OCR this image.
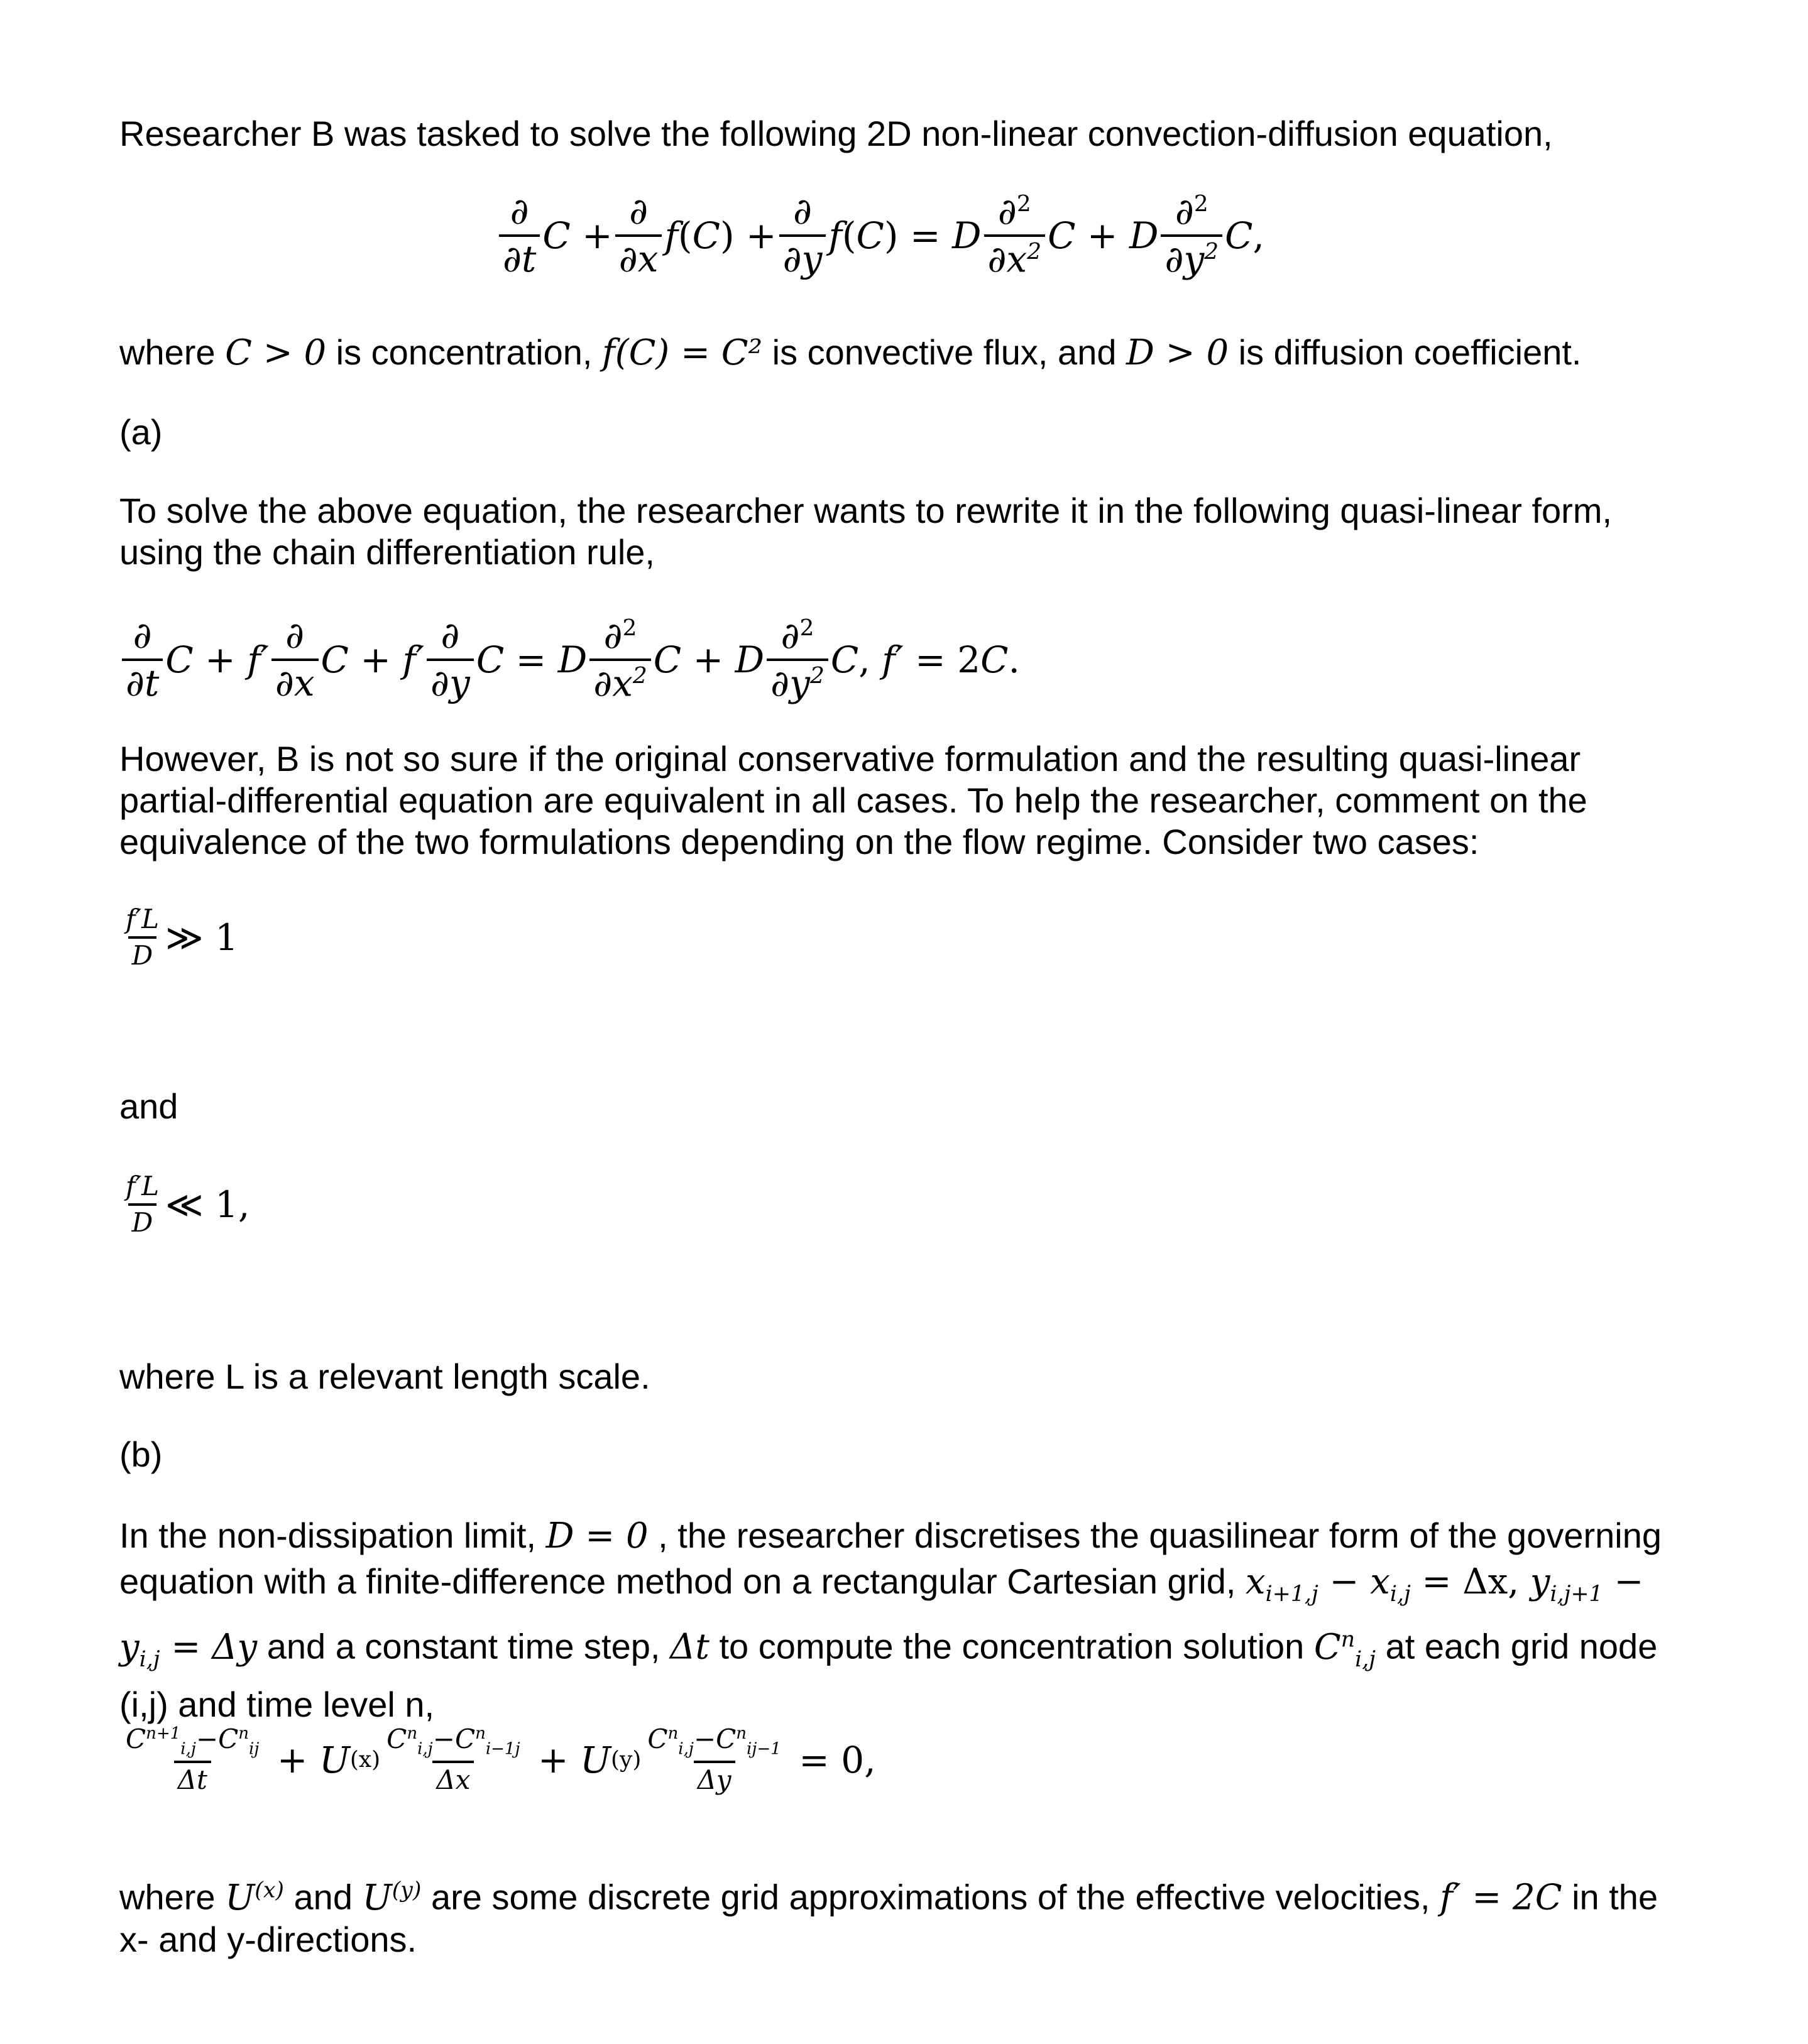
Researcher B was tasked to solve the following 2D non-linear convection-diffusion equation,

$\frac{\partial}{\partial t}$ $C + \frac{\partial}{\partial x}$ f ( C ) + $\frac{\partial}{\partial y}$ f ( C ) = D $\frac{\partial^2}{\partial x^2}$ C + D $\frac{\partial^2}{\partial y^2}$ C ,

where C > 0 is concentration, f(C) = C² is convective flux, and D > 0 is diffusion coefficient.

(a)

To solve the above equation, the researcher wants to rewrite it in the following quasi-linear form, using the chain differentiation rule,

$\frac{\partial}{\partial t}$ $C + f' \frac{\partial}{\partial x}$ $C + f' \frac{\partial}{\partial y}$ C = D $\frac{\partial^2}{\partial x^2}$ C + D $\frac{\partial^2}{\partial y^2}$ C , f′ = 2 C .

However, B is not so sure if the original conservative formulation and the resulting quasi-linear partial-differential equation are equivalent in all cases. To help the researcher, comment on the equivalence of the two formulations depending on the flow regime. Consider two cases:

$\frac{f'L}{D}$ ≫ 1

and

$\frac{f'L}{D}$ ≪ 1,

where L is a relevant length scale.

(b)

In the non-dissipation limit, D = 0 , the researcher discretises the quasilinear form of the governing equation with a finite-difference method on a rectangular Cartesian grid, $x_{i+1,j} - x_{i,j} = \Delta x$, $y_{i,j+1} - y_{i,j} = \Delta y$ and a constant time step, Δt to compute the concentration solution $C^n_{i,j}$ at each grid node (i,j) and time level n,

$\frac{C^{n+1}_{i,j}-C^n_{ij}}{\Delta t} + U$ $(x) \frac{C^n_{i,j}-C^n_{i-1j}}{\Delta x} + U$ $(y) \frac{C^n_{i,j}-C^n_{ij-1}}{\Delta y} = 0$,

where $U^{(x)}$ and $U^{(y)}$ are some discrete grid approximations of the effective velocities, f′ = 2C in the x- and y-directions.
